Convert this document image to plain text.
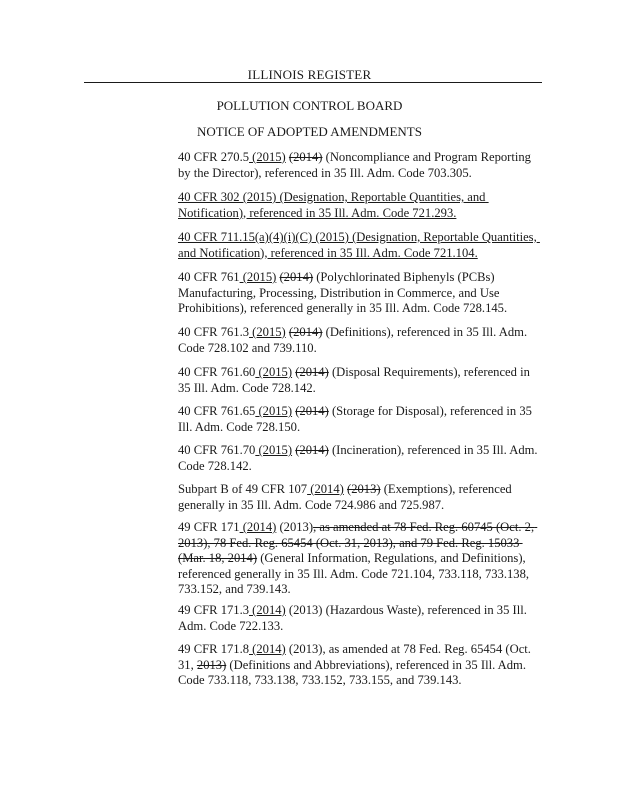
ILLINOIS REGISTER
POLLUTION CONTROL BOARD
NOTICE OF ADOPTED AMENDMENTS
40 CFR 270.5 (2015) (2014) (Noncompliance and Program Reporting by the Director), referenced in 35 Ill. Adm. Code 703.305.
40 CFR 302 (2015) (Designation, Reportable Quantities, and Notification), referenced in 35 Ill. Adm. Code 721.293.
40 CFR 711.15(a)(4)(i)(C) (2015) (Designation, Reportable Quantities, and Notification), referenced in 35 Ill. Adm. Code 721.104.
40 CFR 761 (2015) (2014) (Polychlorinated Biphenyls (PCBs) Manufacturing, Processing, Distribution in Commerce, and Use Prohibitions), referenced generally in 35 Ill. Adm. Code 728.145.
40 CFR 761.3 (2015) (2014) (Definitions), referenced in 35 Ill. Adm. Code 728.102 and 739.110.
40 CFR 761.60 (2015) (2014) (Disposal Requirements), referenced in 35 Ill. Adm. Code 728.142.
40 CFR 761.65 (2015) (2014) (Storage for Disposal), referenced in 35 Ill. Adm. Code 728.150.
40 CFR 761.70 (2015) (2014) (Incineration), referenced in 35 Ill. Adm. Code 728.142.
Subpart B of 49 CFR 107 (2014) (2013) (Exemptions), referenced generally in 35 Ill. Adm. Code 724.986 and 725.987.
49 CFR 171 (2014) (2013), as amended at 78 Fed. Reg. 60745 (Oct. 2, 2013), 78 Fed. Reg. 65454 (Oct. 31, 2013), and 79 Fed. Reg. 15033 (Mar. 18, 2014) (General Information, Regulations, and Definitions), referenced generally in 35 Ill. Adm. Code 721.104, 733.118, 733.138, 733.152, and 739.143.
49 CFR 171.3 (2014) (2013) (Hazardous Waste), referenced in 35 Ill. Adm. Code 722.133.
49 CFR 171.8 (2014) (2013), as amended at 78 Fed. Reg. 65454 (Oct. 31, 2013) (Definitions and Abbreviations), referenced in 35 Ill. Adm. Code 733.118, 733.138, 733.152, 733.155, and 739.143.
